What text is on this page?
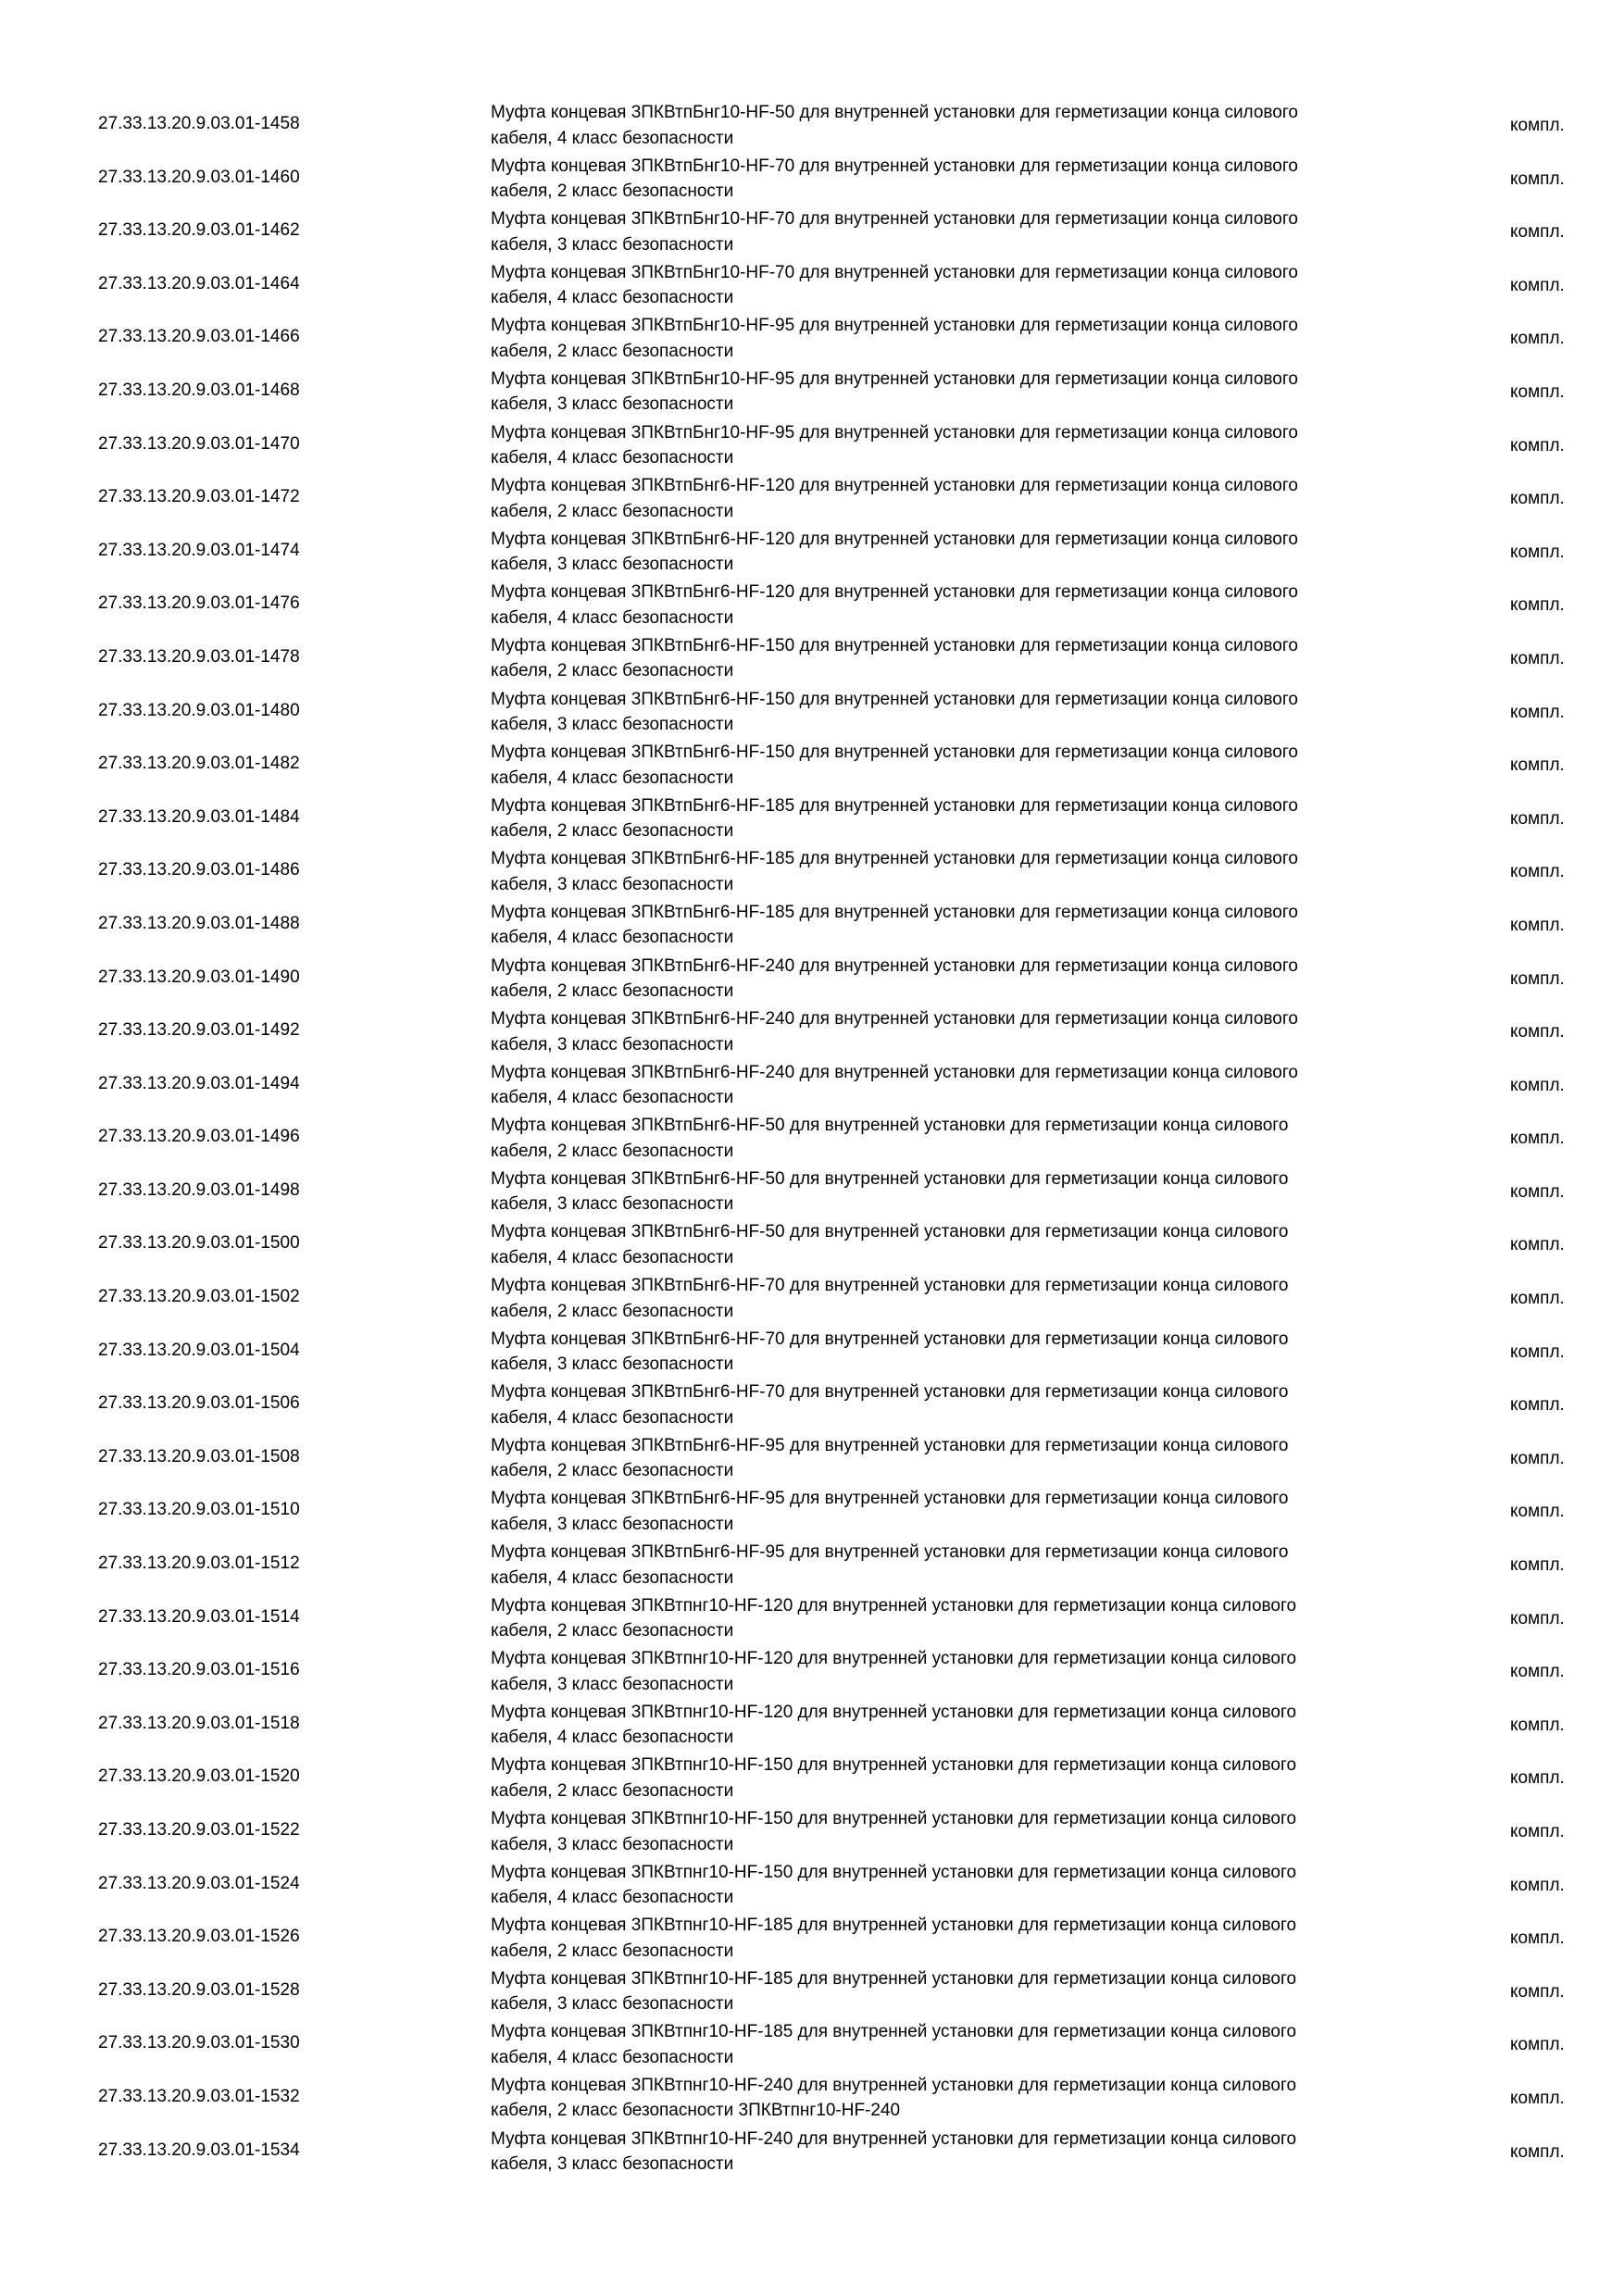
27.33.13.20.9.03.01-1458
Муфта концевая 3ПКВтпБнг10-HF-50 для внутренней установки для герметизации конца силового
кабеля, 4 класс безопасности
компл.
27.33.13.20.9.03.01-1460
Муфта концевая 3ПКВтпБнг10-HF-70 для внутренней установки для герметизации конца силового
кабеля, 2 класс безопасности
компл.
27.33.13.20.9.03.01-1462
Муфта концевая 3ПКВтпБнг10-HF-70 для внутренней установки для герметизации конца силового
кабеля, 3 класс безопасности
компл.
27.33.13.20.9.03.01-1464
Муфта концевая 3ПКВтпБнг10-HF-70 для внутренней установки для герметизации конца силового
кабеля, 4 класс безопасности
компл.
27.33.13.20.9.03.01-1466
Муфта концевая 3ПКВтпБнг10-HF-95 для внутренней установки для герметизации конца силового
кабеля, 2 класс безопасности
компл.
27.33.13.20.9.03.01-1468
Муфта концевая 3ПКВтпБнг10-HF-95 для внутренней установки для герметизации конца силового
кабеля, 3 класс безопасности
компл.
27.33.13.20.9.03.01-1470
Муфта концевая 3ПКВтпБнг10-HF-95 для внутренней установки для герметизации конца силового
кабеля, 4 класс безопасности
компл.
27.33.13.20.9.03.01-1472
Муфта концевая 3ПКВтпБнг6-HF-120 для внутренней установки для герметизации конца силового
кабеля, 2 класс безопасности
компл.
27.33.13.20.9.03.01-1474
Муфта концевая 3ПКВтпБнг6-HF-120 для внутренней установки для герметизации конца силового
кабеля, 3 класс безопасности
компл.
27.33.13.20.9.03.01-1476
Муфта концевая 3ПКВтпБнг6-HF-120 для внутренней установки для герметизации конца силового
кабеля, 4 класс безопасности
компл.
27.33.13.20.9.03.01-1478
Муфта концевая 3ПКВтпБнг6-HF-150 для внутренней установки для герметизации конца силового
кабеля, 2 класс безопасности
компл.
27.33.13.20.9.03.01-1480
Муфта концевая 3ПКВтпБнг6-HF-150 для внутренней установки для герметизации конца силового
кабеля, 3 класс безопасности
компл.
27.33.13.20.9.03.01-1482
Муфта концевая 3ПКВтпБнг6-HF-150 для внутренней установки для герметизации конца силового
кабеля, 4 класс безопасности
компл.
27.33.13.20.9.03.01-1484
Муфта концевая 3ПКВтпБнг6-HF-185 для внутренней установки для герметизации конца силового
кабеля, 2 класс безопасности
компл.
27.33.13.20.9.03.01-1486
Муфта концевая 3ПКВтпБнг6-HF-185 для внутренней установки для герметизации конца силового
кабеля, 3 класс безопасности
компл.
27.33.13.20.9.03.01-1488
Муфта концевая 3ПКВтпБнг6-HF-185 для внутренней установки для герметизации конца силового
кабеля, 4 класс безопасности
компл.
27.33.13.20.9.03.01-1490
Муфта концевая 3ПКВтпБнг6-HF-240 для внутренней установки для герметизации конца силового
кабеля, 2 класс безопасности
компл.
27.33.13.20.9.03.01-1492
Муфта концевая 3ПКВтпБнг6-HF-240 для внутренней установки для герметизации конца силового
кабеля, 3 класс безопасности
компл.
27.33.13.20.9.03.01-1494
Муфта концевая 3ПКВтпБнг6-HF-240 для внутренней установки для герметизации конца силового
кабеля, 4 класс безопасности
компл.
27.33.13.20.9.03.01-1496
Муфта концевая 3ПКВтпБнг6-HF-50 для внутренней установки для герметизации конца силового
кабеля, 2 класс безопасности
компл.
27.33.13.20.9.03.01-1498
Муфта концевая 3ПКВтпБнг6-HF-50 для внутренней установки для герметизации конца силового
кабеля, 3 класс безопасности
компл.
27.33.13.20.9.03.01-1500
Муфта концевая 3ПКВтпБнг6-HF-50 для внутренней установки для герметизации конца силового
кабеля, 4 класс безопасности
компл.
27.33.13.20.9.03.01-1502
Муфта концевая 3ПКВтпБнг6-HF-70 для внутренней установки для герметизации конца силового
кабеля, 2 класс безопасности
компл.
27.33.13.20.9.03.01-1504
Муфта концевая 3ПКВтпБнг6-HF-70 для внутренней установки для герметизации конца силового
кабеля, 3 класс безопасности
компл.
27.33.13.20.9.03.01-1506
Муфта концевая 3ПКВтпБнг6-HF-70 для внутренней установки для герметизации конца силового
кабеля, 4 класс безопасности
компл.
27.33.13.20.9.03.01-1508
Муфта концевая 3ПКВтпБнг6-HF-95 для внутренней установки для герметизации конца силового
кабеля, 2 класс безопасности
компл.
27.33.13.20.9.03.01-1510
Муфта концевая 3ПКВтпБнг6-HF-95 для внутренней установки для герметизации конца силового
кабеля, 3 класс безопасности
компл.
27.33.13.20.9.03.01-1512
Муфта концевая 3ПКВтпБнг6-HF-95 для внутренней установки для герметизации конца силового
кабеля, 4 класс безопасности
компл.
27.33.13.20.9.03.01-1514
Муфта концевая 3ПКВтпнг10-HF-120 для внутренней установки для герметизации конца силового
кабеля, 2 класс безопасности
компл.
27.33.13.20.9.03.01-1516
Муфта концевая 3ПКВтпнг10-HF-120 для внутренней установки для герметизации конца силового
кабеля, 3 класс безопасности
компл.
27.33.13.20.9.03.01-1518
Муфта концевая 3ПКВтпнг10-HF-120 для внутренней установки для герметизации конца силового
кабеля, 4 класс безопасности
компл.
27.33.13.20.9.03.01-1520
Муфта концевая 3ПКВтпнг10-HF-150 для внутренней установки для герметизации конца силового
кабеля, 2 класс безопасности
компл.
27.33.13.20.9.03.01-1522
Муфта концевая 3ПКВтпнг10-HF-150 для внутренней установки для герметизации конца силового
кабеля, 3 класс безопасности
компл.
27.33.13.20.9.03.01-1524
Муфта концевая 3ПКВтпнг10-HF-150 для внутренней установки для герметизации конца силового
кабеля, 4 класс безопасности
компл.
27.33.13.20.9.03.01-1526
Муфта концевая 3ПКВтпнг10-HF-185 для внутренней установки для герметизации конца силового
кабеля, 2 класс безопасности
компл.
27.33.13.20.9.03.01-1528
Муфта концевая 3ПКВтпнг10-HF-185 для внутренней установки для герметизации конца силового
кабеля, 3 класс безопасности
компл.
27.33.13.20.9.03.01-1530
Муфта концевая 3ПКВтпнг10-HF-185 для внутренней установки для герметизации конца силового
кабеля, 4 класс безопасности
компл.
27.33.13.20.9.03.01-1532
Муфта концевая 3ПКВтпнг10-HF-240 для внутренней установки для герметизации конца силового
кабеля, 2 класс безопасности 3ПКВтпнг10-HF-240
компл.
27.33.13.20.9.03.01-1534
Муфта концевая 3ПКВтпнг10-HF-240 для внутренней установки для герметизации конца силового
кабеля, 3 класс безопасности
компл.
